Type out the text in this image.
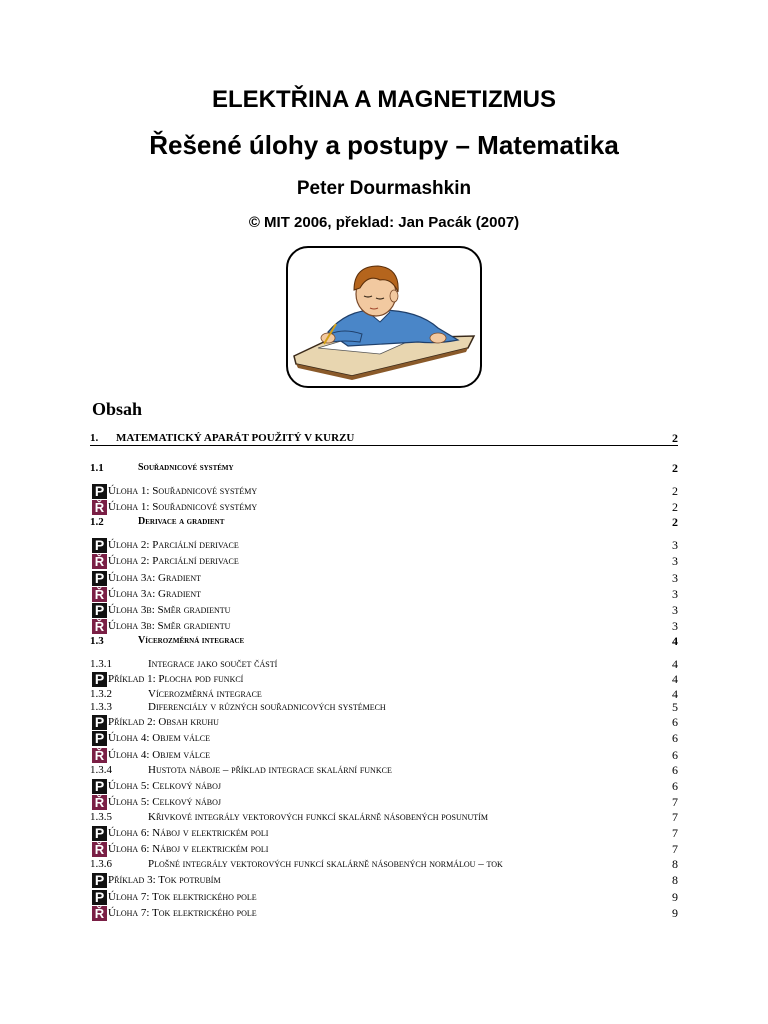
ELEKTŘINA A MAGNETIZMUS
Řešené úlohy a postupy – Matematika
Peter Dourmashkin
© MIT 2006, překlad: Jan Pacák (2007)
Obsah
1. MATEMATICKÝ APARÁT POUŽITÝ V KURZU	2
1.1	Souřadnicové systémy	2
P Úloha 1: Souřadnicové systémy	2
Ř Úloha 1: Souřadnicové systémy	2
1.2	Derivace a gradient	2
P Úloha 2: Parciální derivace	3
Ř Úloha 2: Parciální derivace	3
P Úloha 3a: Gradient	3
Ř Úloha 3a: Gradient	3
P Úloha 3b: Směr gradientu	3
Ř Úloha 3b: Směr gradientu	3
1.3	Vícerozměrná integrace	4
1.3.1	Integrace jako součet částí	4
P Příklad 1: Plocha pod funkcí	4
1.3.2	Vícerozměrná integrace	4
1.3.3	Diferenciály v různých souřadnicových systémech	5
P Příklad 2: Obsah kruhu	6
P Úloha 4: Objem válce	6
Ř Úloha 4: Objem válce	6
1.3.4	Hustota náboje – příklad integrace skalární funkce	6
P Úloha 5: Celkový náboj	6
Ř Úloha 5: Celkový náboj	7
1.3.5	Křivkové integrály vektorových funkcí skalárně násobených posunutím	7
P Úloha 6: Náboj v elektrickém poli	7
Ř Úloha 6: Náboj v elektrickém poli	7
1.3.6	Plošné integrály vektorových funkcí skalárně násobených normálou – tok	8
P Příklad 3: Tok potrubím	8
P Úloha 7: Tok elektrického pole	9
Ř Úloha 7: Tok elektrického pole	9
